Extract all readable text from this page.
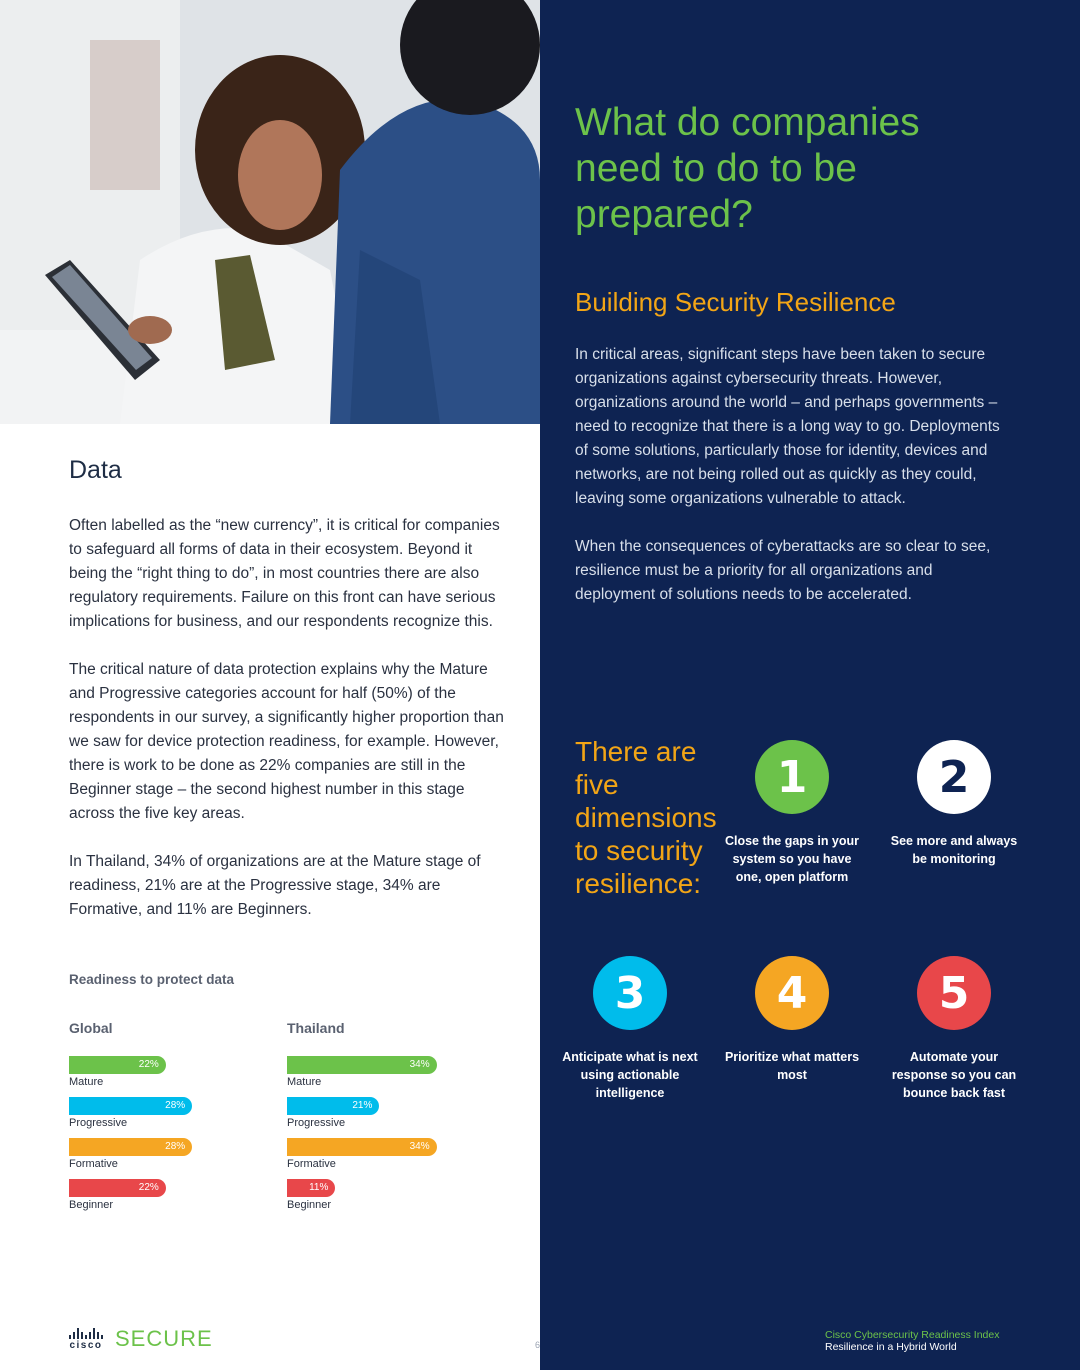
Data

Often labelled as the “new currency”, it is critical for companies to safeguard all forms of data in their ecosystem. Beyond it being the “right thing to do”, in most countries there are also regulatory requirements. Failure on this front can have serious implications for business, and our respondents recognize this.

The critical nature of data protection explains why the Mature and Progressive categories account for half (50%) of the respondents in our survey, a significantly higher proportion than we saw for device protection readiness, for example. However, there is work to be done as 22% companies are still in the Beginner stage – the second highest number in this stage across the five key areas.

In Thailand, 34% of organizations are at the Mature stage of readiness, 21% are at the Progressive stage, 34% are Formative, and 11% are Beginners.

Readiness to protect data
Global
22%
Mature
28%
Progressive
28%
Formative
22%
Beginner
Thailand
34%
Mature
21%
Progressive
34%
Formative
11%
Beginner
What do companies need to do to be prepared?
Building Security Resilience

In critical areas, significant steps have been taken to secure organizations against cybersecurity threats. However, organizations around the world – and perhaps governments – need to recognize that there is a long way to go. Deployments of some solutions, particularly those for identity, devices and networks, are not being rolled out as quickly as they could, leaving some organizations vulnerable to attack.

When the consequences of cyberattacks are so clear to see, resilience must be a priority for all organizations and deployment of solutions needs to be accelerated.

There are five dimensions to security resilience:
1
Close the gaps in your system so you have one, open platform
2
See more and always be monitoring
3
Anticipate what is next using actionable intelligence
4
Prioritize what matters most
5
Automate your response so you can bounce back fast
Cisco Cybersecurity Readiness Index
Resilience in a Hybrid World
cisco SECURE	6
